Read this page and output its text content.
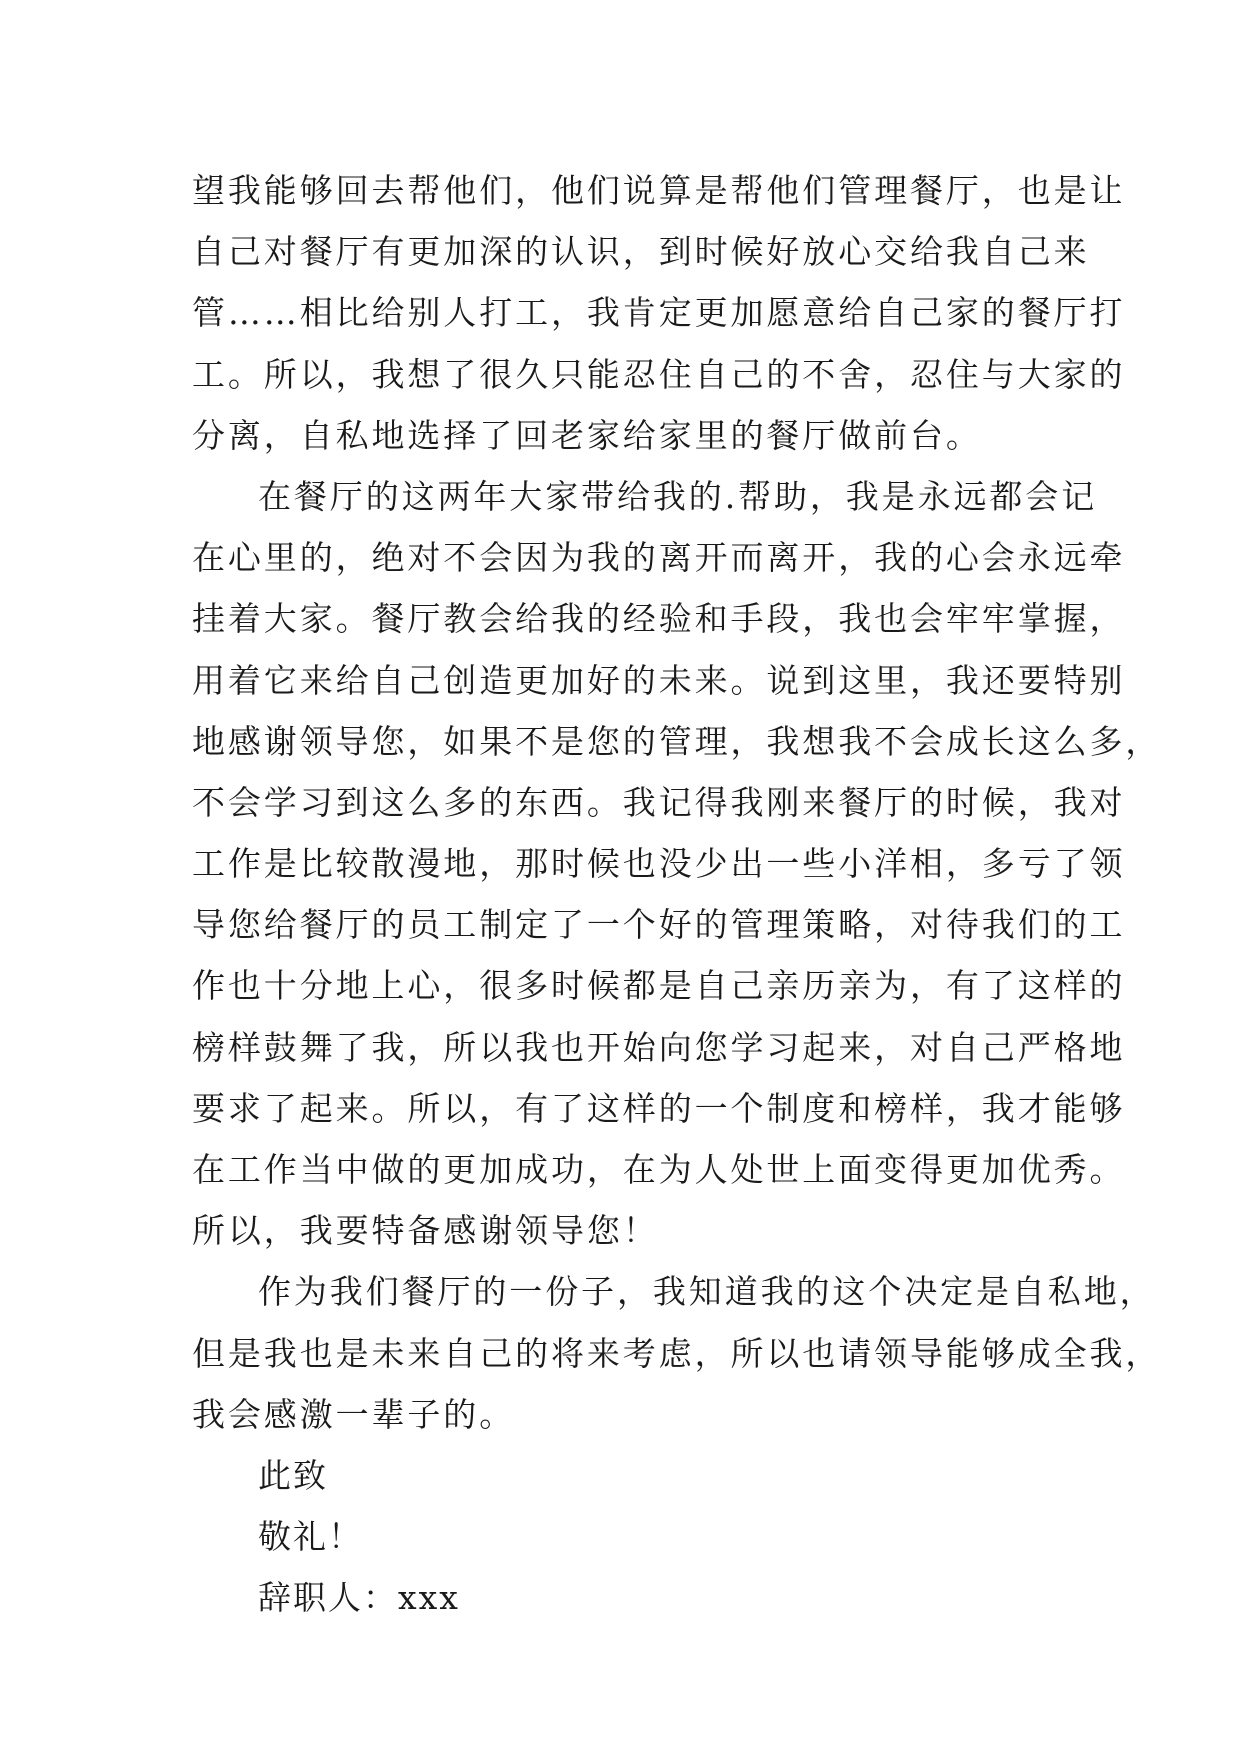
望我能够回去帮他们，他们说算是帮他们管理餐厅，也是让
自己对餐厅有更加深的认识，到时候好放心交给我自己来
管……相比给别人打工，我肯定更加愿意给自己家的餐厅打
工。所以，我想了很久只能忍住自己的不舍，忍住与大家的
分离，自私地选择了回老家给家里的餐厅做前台。
在餐厅的这两年大家带给我的.帮助，我是永远都会记
在心里的，绝对不会因为我的离开而离开，我的心会永远牵
挂着大家。餐厅教会给我的经验和手段，我也会牢牢掌握，
用着它来给自己创造更加好的未来。说到这里，我还要特别
地感谢领导您，如果不是您的管理，我想我不会成长这么多，
不会学习到这么多的东西。我记得我刚来餐厅的时候，我对
工作是比较散漫地，那时候也没少出一些小洋相，多亏了领
导您给餐厅的员工制定了一个好的管理策略，对待我们的工
作也十分地上心，很多时候都是自己亲历亲为，有了这样的
榜样鼓舞了我，所以我也开始向您学习起来，对自己严格地
要求了起来。所以，有了这样的一个制度和榜样，我才能够
在工作当中做的更加成功，在为人处世上面变得更加优秀。
所以，我要特备感谢领导您！
作为我们餐厅的一份子，我知道我的这个决定是自私地，
但是我也是未来自己的将来考虑，所以也请领导能够成全我，
我会感激一辈子的。
此致
敬礼！
辞职人：xxx
